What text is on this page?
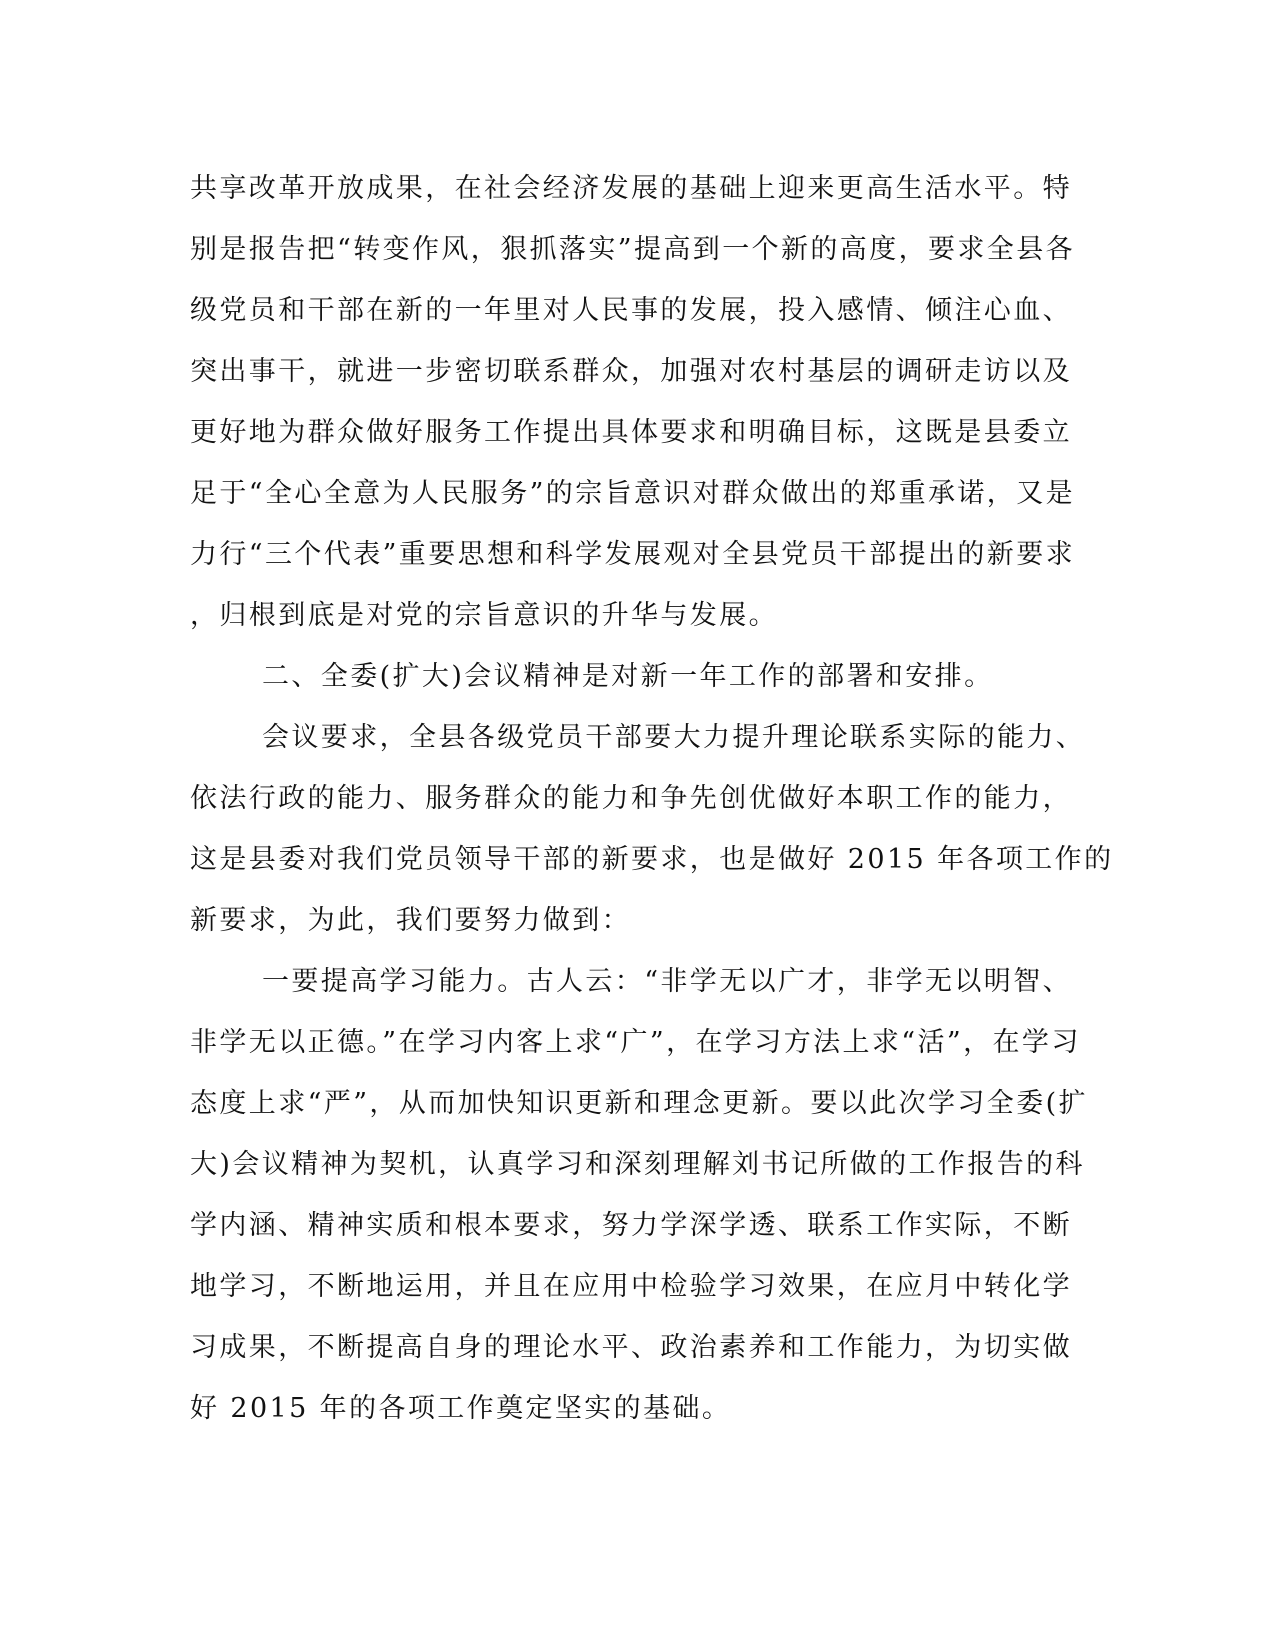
共享改革开放成果，在社会经济发展的基础上迎来更高生活水平。特
别是报告把“转变作风，狠抓落实”提高到一个新的高度，要求全县各
级党员和干部在新的一年里对人民事的发展，投入感情、倾注心血、
突出事干，就进一步密切联系群众，加强对农村基层的调研走访以及
更好地为群众做好服务工作提出具体要求和明确目标，这既是县委立
足于“全心全意为人民服务”的宗旨意识对群众做出的郑重承诺，又是
力行“三个代表”重要思想和科学发展观对全县党员干部提出的新要求
，归根到底是对党的宗旨意识的升华与发展。
二、全委(扩大)会议精神是对新一年工作的部署和安排。
会议要求，全县各级党员干部要大力提升理论联系实际的能力、
依法行政的能力、服务群众的能力和争先创优做好本职工作的能力，
这是县委对我们党员领导干部的新要求，也是做好 2015 年各项工作的
新要求，为此，我们要努力做到：
一要提高学习能力。古人云：“非学无以广才，非学无以明智、
非学无以正德。”在学习内客上求“广”，在学习方法上求“活”，在学习
态度上求“严”，从而加快知识更新和理念更新。要以此次学习全委(扩
大)会议精神为契机，认真学习和深刻理解刘书记所做的工作报告的科
学内涵、精神实质和根本要求，努力学深学透、联系工作实际，不断
地学习，不断地运用，并且在应用中检验学习效果，在应月中转化学
习成果，不断提高自身的理论水平、政治素养和工作能力，为切实做
好 2015 年的各项工作奠定坚实的基础。
